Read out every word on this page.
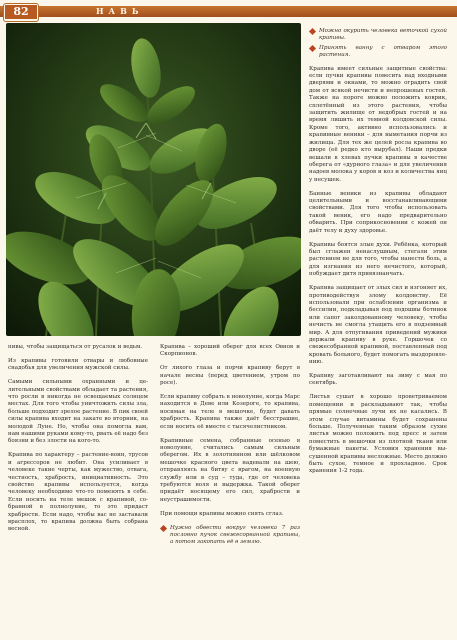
82	НАВЬ

пивы, чтобы защищаться от русалок и ведьм.

Из крапивы готовили отвары и любовные снадобья для увеличения мужской силы.

Самыми сильными охранными и целительными свойствами обладает та растения, что росли в никогда не освещаемых солнцем местах. Для того чтобы уничтожить силы зла, больше подходит зрелое растение. В пик своей силы крапива входит на закате во вторник, на молодой Луне. Но, чтобы она помогла вам, нам нашими руками кому-то, рвать её надо без боязни и без злости на кого-то.

Крапива по характеру – растение-воин, трусов и агрессоров не любит. Она усиливает в человеке такие черты, как мужество, отвага, честность, храбрость, инициативность. Это свойство крапивы используется, когда человеку необходимо что-то поменять в себе. Если носить на теле мешок с крапивой, собранной в полнолуние, то это придаст храбрости. Если надо, чтобы вас не заставали врасплох, то крапива должна быть собрана весной.

Крапива – хороший оберег для всех Овнов и Скорпионов.

От лихого глаза и порчи крапиву берут в начале весны (перед цветением, утром по росе).

Если крапиву собрать в новолуние, когда Марс находится в Деве или Козероге, то крапива, носимая на теле в мешочке, будет давать храбрость. Крапива также даёт бесстрашие, если носить её вместе с тысячелистником.

Крапивные семена, собранные осенью в новолуние, считались самым сильным оберегом. Их в золотнянном или шёлковом мешочке красного цвета надевали на шею, отправляясь на битву с врагом, на военную службу или в суд – туда, где от человека требуются воля и выдержка. Такой оберег придаёт носящему его сил, храбрости и неустрашимости.

При помощи крапивы можно снять сглаз.

Нужно обвести вокруг человека 7 раз пословно пучок свежесорванной крапивы, а потом закопать её в землю.
Можно окурить человека веточкой сухой крапивы.
Принять ванну с отваром этого растения.

Крапива имеет сильные защитные свойства: если пучки крапивы повесить над входными дверями и окнами, то можно оградить свой дом от всякой нечисти и непрошеных гостей. Также на пороге можно положить коврик, сплетённый из этого растения, чтобы защитить жилище от недобрых гостей и на время лишить их темной колдовской силы. Кроме того, активно использовались и крапивные веники – для выметания порчи из жилища. Для тех же целей росла крапива во дворе (её редко кто вырубал). Наши предки вешали в хлевах пучки крапивы в качестве оберега от «дурного глаза» и для увеличения надоев молока у коров и коз и количества яиц у несушек.

Банные веники из крапивы обладают целительными и восстанавливающими свойствами. Для того чтобы использовать такой веник, его надо предварительно обварить. При соприкосновении с кожей он даёт телу и духу здоровье.

Крапивы боятся злые духи. Ребёнка, который был сглажен ненаслушным, стегали этим растением не для того, чтобы нанести боль, а для изгнания из него нечистого, который, побуждает дитя привязнанчать.

Крапива защищает от злых сил и изгоняет их, противодействуя злому колдовству. Её использовали при ослаблении организма и бессилии, подкладывая под подошвы ботинок или сапог заколдованному человеку, чтобы нечисть не смогла утащить его в подземный мир. А для отпугивания приведений мужики держали крапиву в руке. Горшочек со свежесобранной крапивой, поставленный под кровать больного, будет помогать выздоровлению.

Крапиву заготавливают на зиму с мая по сентябрь.

Листья сушат в хорошо проветриваемом помещении и раскладывают так, чтобы прямые солнечные лучи их не касались. В этом случае витамины будет сохранены больше. Полученные таким образом сухие листья можно положить под пресс и затем поместить в мешочки из плотной ткани или бумажные пакеты. Условия хранения высушенной крапивы несложные. Место должно быть сухое, темное и прохладное. Срок хранения 1-2 года.
